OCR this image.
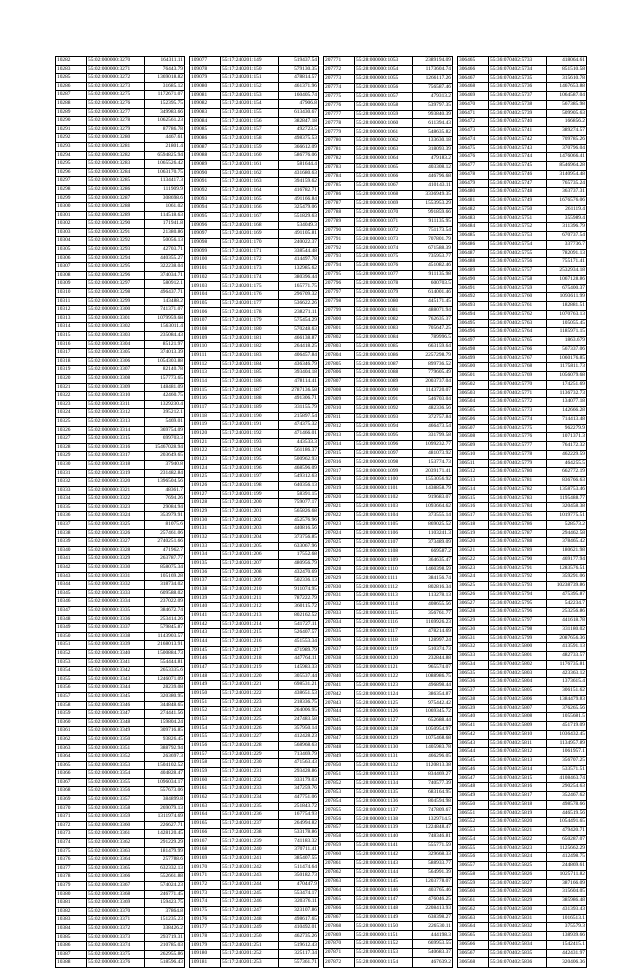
10282	55:02:000000:3270	164311.11
10283	55:02:000000:3271	76443.79
10285	55:02:000000:3272	1369018.82
10286	55:02:000000:3273	31685.12
10287	55:02:000000:3275	1172671.07
10288	55:02:000000:3276	152395.75
10289	55:02:000000:3277	349983.66
10290	55:02:000000:3278	1062561.23
10291	55:02:000000:3279	87786.78
10292	55:02:000000:3280	4467.61
10293	55:02:000000:3281	21801.4
10294	55:02:000000:3282	6594825.94
10295	55:02:000000:3283	1065526.42
10296	55:02:000000:3284	1063170.75
10297	55:02:000000:3285	1134417.3
10298	55:02:000000:3286	111909.9
10299	55:02:000000:3287	308698.6
10300	55:02:000000:3288	1061.02
10301	55:02:000000:3289	114518.63
10302	55:02:000000:3290	171941.8
10303	55:02:000000:3291	21380.86
10304	55:02:000000:3292	50056.13
10305	55:02:000000:3293	42703.71
10306	55:02:000000:3294	440355.27
10307	55:02:000000:3295	322238.04
10308	55:02:000000:3296	374034.71
10309	55:02:000000:3297	580912.1
10310	55:02:000000:3298	496437.71
10311	55:02:000000:3299	143488.2
10312	55:02:000000:3300	741371.07
10313	55:02:000000:3301	1079959.68
10314	55:02:000000:3302	1563011.4
10315	55:02:000000:3303	235084.43
10316	55:02:000000:3304	85121.97
10317	55:02:000000:3305	374013.39
10318	55:02:000000:3306	1054303.88
10319	55:02:000000:3307	82140.78
10320	55:02:000000:3308	157773.65
10321	55:02:000000:3309	148481.09
10322	55:02:000000:3310	42460.75
10323	55:02:000000:3311	1329230.4
10324	55:02:000000:3312	395212.1
10325	55:02:000000:3313	5469.01
10326	55:02:000000:3314	369754.09
10327	55:02:000000:3315	699703.3
10328	55:02:000000:3316	15467028.94
10329	55:02:000000:3317	203649.65
10330	55:02:000000:3318	37940.8
10331	55:02:000000:3319	231482.84
10332	55:02:000000:3320	1396504.56
10333	55:02:000000:3321	48361.7
10334	55:02:000000:3322	7694.26
10335	55:02:000000:3323	29084.94
10336	55:02:000000:3324	353979.91
10337	55:02:000000:3325	81075.6
10338	55:02:000000:3326	257461.06
10339	55:02:000000:3327	2740251.66
10340	55:02:000000:3328	471962.7
10341	55:02:000000:3329	263787.77
10342	55:02:000000:3330	858075.34
10343	55:02:000000:3331	105169.28
10344	55:02:000000:3332	318734.02
10345	55:02:000000:3333	609588.02
10346	55:02:000000:3334	237022.09
10347	55:02:000000:3335	384672.74
10348	55:02:000000:3336	253414.26
10349	55:02:000000:3337	579845.87
10350	55:02:000000:3338	1143903.57
10351	55:02:000000:3339	2168013.91
10352	55:02:000000:3340	1500884.73
10353	55:02:000000:3341	554444.81
10354	55:02:000000:3342	2653335.6
10355	55:02:000000:3343	1246071.09
10356	55:02:000000:3344	28239.08
10357	55:02:000000:3345	320380.95
10358	55:02:000000:3346	344848.65
10359	55:02:000000:3347	274441.56
10360	55:02:000000:3348	159804.24
10361	55:02:000000:3349	309716.85
10362	55:02:000000:3350	93826.45
10363	55:02:000000:3351	388792.94
10364	55:02:000000:3352	263697.3
10365	55:02:000000:3353	1504102.52
10366	55:02:000000:3354	404828.47
10367	55:02:000000:3355	1096034.17
10368	55:02:000000:3356	557673.06
10369	55:02:000000:3357	384899.8
10370	55:02:000000:3358	269079.13
10371	55:02:000000:3359	1311974.69
10372	55:02:000000:3360	226627.71
10373	55:02:000000:3361	1428120.45
10374	55:02:000000:3362	291229.29
10375	55:02:000000:3363	181479.99
10376	55:02:000000:3364	257788.6
10377	55:02:000000:3365	632332.13
10378	55:02:000000:3366	552661.88
10379	55:02:000000:3367	574024.23
10380	55:02:000000:3368	246771.45
10381	55:02:000000:3369	159423.75
10382	55:02:000000:3370	37864.8
10383	55:02:000000:3371	151235.23
10384	55:02:000000:3372	338426.2
10385	55:02:000000:3373	293719.31
10386	55:02:000000:3374	210785.03
10387	55:02:000000:3375	262955.86
10388	55:02:000000:3376	518596.43
109077	55:17:240201:149	519437.54
109078	55:17:240201:150	579130.35
109079	55:17:240201:151	478814.57
109080	55:17:240201:152	461371.96
109081	55:17:240201:153	160405.74
109082	55:17:240201:154	47906.8
109083	55:17:240201:155	613430.67
109084	55:17:240201:156	382847.18
109085	55:17:240201:157	492723.5
109086	55:17:240201:158	498375.53
109087	55:17:240201:159	366612.09
109088	55:17:240201:160	586776.06
109089	55:17:240201:161	581644.4
109090	55:17:240201:162	431680.63
109091	55:17:240201:163	394159.62
109092	55:17:240201:164	416782.71
109093	55:17:240201:165	491166.84
109094	55:17:240201:166	325479.06
109095	55:17:240201:167	551829.63
109096	55:17:240201:168	534049.3
109097	55:17:240201:169	491105.81
109098	55:17:240201:170	240022.37
109099	55:17:240201:171	338544.48
109100	55:17:240201:172	414497.78
109101	55:17:240201:173	132985.62
109102	55:17:240201:174	380396.44
109103	55:17:240201:175	165771.75
109104	55:17:240201:176	296709.32
109105	55:17:240201:177	536622.26
109106	55:17:240201:178	238271.11
109107	55:17:240201:179	575454.29
109108	55:17:240201:180	570248.63
109109	55:17:240201:181	466138.87
109110	55:17:240201:182	264418.25
109111	55:17:240201:183	406457.84
109112	55:17:240201:184	436346.79
109113	55:17:240201:185	393404.18
109114	55:17:240201:186	478114.41
109115	55:17:240201:187	2787136.58
109116	55:17:240201:188	491306.71
109117	55:17:240201:189	331155.79
109118	55:17:240201:190	215897.54
109119	55:17:240201:191	474375.32
109120	55:17:240201:192	471466.01
109121	55:17:240201:193	443533.3
109122	55:17:240201:194	561186.37
109123	55:17:240201:195	500962.93
109124	55:17:240201:196	468596.09
109125	55:17:240201:197	549312.63
109126	55:17:240201:198	640356.13
109127	55:17:240201:199	58391.15
109128	55:17:240201:200	759077.17
109129	55:17:240201:201	565826.68
109130	55:17:240201:202	452576.96
109131	55:17:240201:203	440816.56
109132	55:17:240201:204	373756.85
109133	55:17:240201:205	633067.96
109134	55:17:240201:206	17552.68
109135	55:17:240201:207	480956.79
109136	55:17:240201:208	432470.69
109137	55:17:240201:209	502336.13
109138	55:17:240201:210	911074.95
109139	55:17:240201:211	787222.79
109140	55:17:240201:212	360115.72
109141	55:17:240201:213	802162.52
109142	55:17:240201:214	541727.11
109143	55:17:240201:215	526407.57
109144	55:17:240201:216	451553.34
109145	55:17:240201:217	471989.79
109146	55:17:240201:218	447764.11
109147	55:17:240201:219	145983.33
109148	55:17:240201:220	305537.44
109149	55:17:240201:221	698531.21
109150	55:17:240201:222	438651.53
109151	55:17:240201:223	218336.75
109152	55:17:240201:224	264006.95
109153	55:17:240201:225	247483.58
109154	55:17:240201:226	357950.14
109155	55:17:240201:227	412428.23
109156	55:17:240201:228	568968.63
109157	55:17:240201:229	713469.79
109158	55:17:240201:230	471563.43
109159	55:17:240201:231	293428.86
109160	55:17:240201:232	333179.03
109161	55:17:240201:233	347259.76
109162	55:17:240201:234	447751.06
109163	55:17:240201:235	251843.72
109164	55:17:240201:236	167754.93
109165	55:17:240201:237	264994.82
109166	55:17:240201:238	533178.86
109167	55:17:240201:239	741183.32
109168	55:17:240201:240	370711.41
109169	55:17:240201:241	385407.55
109170	55:17:240201:242	511474.64
109171	55:17:240201:243	350182.73
109172	55:17:240201:244	470447.9
109173	55:17:240201:245	553474.17
109174	55:17:240201:246	320376.11
109175	55:17:240201:247	323107.86
109176	55:17:240201:248	498617.65
109177	55:17:240201:249	410492.01
109178	55:17:240201:250	462735.26
109179	55:17:240201:251	519612.43
109180	55:17:240201:252	325117.34
109181	55:17:240201:253	557361.71
207771	55:28:000000:1053	2389194.09
207772	55:28:000000:1054	1173604.74
207773	55:28:000000:1055	1266117.26
207774	55:28:000000:1056	756587.46
207775	55:28:000000:1057	479313.2
207776	55:28:000000:1058	539797.35
207777	55:28:000000:1059	993840.39
207778	55:28:000000:1060	611394.43
207779	55:28:000000:1061	548635.82
207780	55:28:000000:1062	133630.18
207781	55:28:000000:1063	318093.39
207782	55:28:000000:1064	479183.2
207783	55:28:000000:1065	403308.12
207784	55:28:000000:1066	446796.68
207785	55:28:000000:1067	410143.11
207786	55:28:000000:1068	3336949.35
207787	55:28:000000:1069	1553953.29
207788	55:28:000000:1070	991859.66
207789	55:28:000000:1071	911135.95
207790	55:28:000000:1072	751173.54
207791	55:28:000000:1073	707801.79
207792	55:28:000000:1074	671588.39
207793	55:28:000000:1075	735953.77
207794	55:28:000000:1076	451082.46
207795	55:28:000000:1077	911135.98
207796	55:28:000000:1078	600703.5
207797	55:28:000000:1079	614001.46
207798	55:28:000000:1080	445171.45
207799	55:28:000000:1081	488071.94
207800	55:28:000000:1082	762635.37
207801	55:28:000000:1083	705647.25
207802	55:28:000000:1084	789996.5
207803	55:28:000000:1085	663159.64
207804	55:28:000000:1086	2257298.79
207805	55:28:000000:1087	899736.52
207806	55:28:000000:1088	779605.49
207807	55:28:000000:1089	2003737.04
207808	55:28:000000:1090	1143720.07
207809	55:28:000000:1091	546703.04
207810	55:28:000000:1092	482336.56
207811	55:28:000000:1093	372757.84
207812	55:28:000000:1094	466473.54
207813	55:28:000000:1095	331799.58
207814	55:28:000000:1096	1099232.77
207815	55:28:000000:1097	481073.92
207816	55:28:000000:1098	153774.73
207817	55:28:000000:1099	2039171.41
207818	55:28:000000:1100	1553056.92
207819	55:28:000000:1101	1438858.79
207820	55:28:000000:1102	919683.07
207821	55:28:000000:1103	1093664.62
207822	55:28:000000:1104	373555.14
207823	55:28:000000:1105	869025.52
207824	55:28:000000:1106	1103241.3
207825	55:28:000000:1107	373489.09
207826	55:28:000000:1108	669587.2
207827	55:28:000000:1109	364635.47
207828	55:28:000000:1110	1460398.59
207829	55:28:000000:1111	384156.74
207830	55:28:000000:1112	802816.34
207831	55:28:000000:1113	113278.13
207832	55:28:000000:1114	408655.56
207833	55:28:000000:1115	356761.77
207834	55:28:000000:1116	1169926.23
207835	55:28:000000:1117	478214.69
207836	55:28:000000:1118	128997.24
207837	55:28:000000:1119	510374.73
207838	55:28:000000:1120	232844.88
207839	55:28:000000:1121	965574.07
207840	55:28:000000:1122	1088986.75
207841	55:28:000000:1123	496898.44
207842	55:28:000000:1124	386354.87
207843	55:28:000000:1125	975442.42
207844	55:28:000000:1126	1069345.72
207845	55:28:000000:1127	652688.44
207846	55:28:000000:1128	1050954.97
207847	55:28:000000:1129	1075468.68
207848	55:28:000000:1130	1405983.78
207849	55:28:000000:1131	466296.05
207850	55:28:000000:1132	1120813.38
207851	55:28:000000:1133	834469.27
207852	55:28:000000:1134	740577.39
207853	55:28:000000:1135	683164.95
207854	55:28:000000:1136	804594.98
207855	55:28:000000:1137	747809.67
207856	55:28:000000:1138	1329714.5
207857	55:28:000000:1139	1224848.47
207858	55:28:000000:1140	748346.81
207859	55:28:000000:1141	555771.59
207860	55:28:000000:1142	329668.33
207861	55:28:000000:1143	588933.77
207862	55:28:000000:1144	564991.39
207863	55:28:000000:1145	1203778.07
207864	55:28:000000:1146	403765.46
207865	55:28:000000:1147	476046.25
207866	55:28:000000:1148	2208413.93
207867	55:28:000000:1149	638398.27
207868	55:28:000000:1150	226530.11
207869	55:28:000000:1151	444198.3
207870	55:28:000000:1152	669953.55
207871	55:28:000000:1153	540683.37
207872	55:28:000000:1154	467639.2
306465	55:36:070402:5733	418064.61
306466	55:36:070402:5734	851510.58
306467	55:36:070402:5735	315610.78
306468	55:36:070402:5736	1467653.88
306469	55:36:070402:5737	1064587.04
306470	55:36:070402:5738	567385.98
306471	55:36:070402:5739	509905.63
306472	55:36:070402:5740	166856.2
306473	55:36:070402:5741	389274.57
306474	55:36:070402:5742	709785.26
306475	55:36:070402:5743	370796.04
306476	55:36:070402:5744	1476066.41
306477	55:36:070402:5745	8546964.28
306478	55:36:070402:5746	3140954.48
306479	55:36:070402:5747	765735.24
306480	55:36:070402:5748	363737.31
306481	55:36:070402:5749	1676576.06
306482	55:36:070402:5750	261119.4
306483	55:36:070402:5751	355989.4
306484	55:36:070402:5752	311396.79
306485	55:36:070402:5753	670737.54
306486	55:36:070402:5754	337736.7
306487	55:36:070402:5755	782091.13
306488	55:36:070402:5756	755171.41
306489	55:36:070402:5757	2532934.18
306490	55:36:070402:5758	1067128.86
306491	55:36:070402:5759	675400.37
306492	55:36:070402:5760	1093611.99
306493	55:36:070402:5761	182881.51
306494	55:36:070402:5762	1070763.13
306495	55:36:070402:5763	105055.45
306496	55:36:070402:5764	1185971.15
306497	55:36:070402:5765	1863.679
306498	55:36:070402:5766	567337.06
306499	55:36:070402:5767	1060176.85
306500	55:36:070402:5768	1175811.73
306501	55:36:070402:5769	1056079.68
306502	55:36:070402:5770	174251.69
306503	55:36:070402:5771	1136732.73
306504	55:36:070402:5772	134077.18
306505	55:36:070402:5773	142666.28
306506	55:36:070402:5774	714413.48
306507	55:36:070402:5775	962279.9
306508	55:36:070402:5776	1071371.3
306509	55:36:070402:5777	764172.32
306510	55:36:070402:5778	462229.59
306511	55:36:070402:5779	464255.5
306512	55:36:070402:5780	662772.19
306513	55:36:070402:5781	836766.63
306514	55:36:070402:5782	1358753.46
306515	55:36:070402:5783	1195488.77
306516	55:36:070402:5784	320458.38
306517	55:36:070402:5785	1019775.51
306518	55:36:070402:5786	528573.2
306519	55:36:070402:5787	294462.58
306520	55:36:070402:5788	378465.42
306521	55:36:070402:5789	180621.98
306522	55:36:070402:5790	469177.94
306523	55:36:070402:5791	1283576.51
306524	55:36:070402:5792	359291.06
306525	55:36:070402:5793	10238739.86
306526	55:36:070402:5794	475395.87
306527	55:36:070402:5795	542234.7
306528	55:36:070402:5796	253256.86
306529	55:36:070402:5797	441618.78
306530	55:36:070402:5798	331180.02
306531	55:36:070402:5799	2087656.36
306532	55:36:070402:5800	413591.13
306533	55:36:070402:5801	482733.57
306534	55:36:070402:5802	1176735.81
306535	55:36:070402:5803	423363.12
306536	55:36:070402:5804	1373615.4
306537	55:36:070402:5805	306151.62
306538	55:36:070402:5806	1384479.83
306539	55:36:070402:5807	376265.56
306540	55:36:070402:5808	1055681.5
306541	55:36:070402:5809	451719.09
306542	55:36:070402:5810	1036432.45
306543	55:36:070402:5811	1134957.89
306544	55:36:070402:5812	1061957.1
306545	55:36:070402:5813	356707.25
306546	55:36:070402:5814	533571.51
306547	55:36:070402:5815	4108463.74
306548	55:36:070402:5816	290254.63
306549	55:36:070402:5817	352467.62
306550	55:36:070402:5818	498578.66
306551	55:36:070402:5819	446519.56
306552	55:36:070402:5820	1054491.65
306553	55:36:070402:5821	479420.71
306554	55:36:070402:5822	650287.07
306555	55:36:070402:5823	1125662.29
306556	55:36:070402:5824	412498.75
306557	55:36:070402:5825	244869.61
306558	55:36:070402:5826	1025711.82
306559	55:36:070402:5827	387166.09
306560	55:36:070402:5828	315604.05
306561	55:36:070402:5829	385986.48
306562	55:36:070402:5830	431393.43
306563	55:36:070402:5831	1016513.1
306564	55:36:070402:5832	375579.3
306565	55:36:070402:5833	138939.66
306566	55:36:070402:5834	1542415.1
306567	55:36:070402:5835	442431.97
306568	55:36:070402:5836	320406.36
